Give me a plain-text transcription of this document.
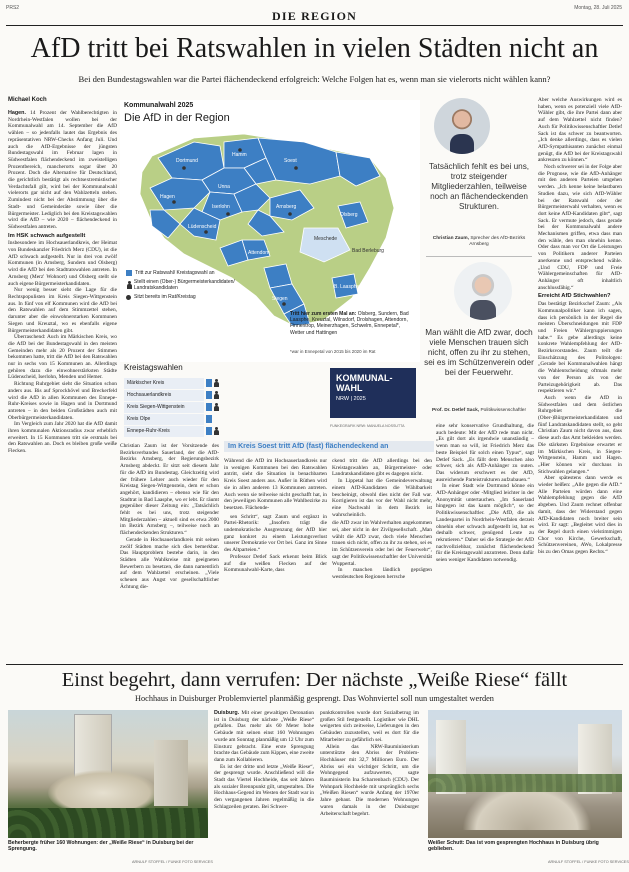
PRS2
DIE REGION
Montag, 28. Juli 2025
AfD tritt bei Ratswahlen in vielen Städten nicht an
Bei den Bundestagswahlen war die Partei flächendeckend erfolgreich: Welche Folgen hat es, wenn man sie vielerorts nicht wählen kann?
Michael Koch
Hagen. 14 Prozent der Wahlberechtigten in Nordrhein-Westfalen wollen bei der Kommunalwahl am 14. September die AfD wählen – so jedenfalls lautet das Ergebnis des repräsentativen NRW-Checks Anfang Juli. Und auch die AfD-Ergebnisse der jüngsten Bundestagswahl im Februar lagen in Südwestfalen flächendeckend im zweistelligen Prozentbereich, mancherorts sogar über 20 Prozent. Doch die Alternative für Deutschland, die gerichtlich bestätigt als rechtsextremistischer Verdachtsfall gilt, wird bei der Kommunalwahl vielerorts gar nicht auf den Wahlzetteln stehen. Zumindest nicht bei der Abstimmung über die Stadt- und Gemeinderäte sowie über die Bürgermeister. Lediglich bei den Kreistagswahlen wird die AfD – wie 2020 – flächendeckend in Südwestfalen antreten.
Im HSK schwach aufgestellt
Insbesondere im Hochsauerlandkreis, der Heimat von Bundeskanzler Friedrich Merz (CDU), ist die AfD schwach aufgestellt. Nur in drei von zwölf Kommunen (in Arnsberg, Sundern und Olsberg) wird die AfD bei den Stadtratswahlen antreten. In Arnsberg (Merz' Wohnort) und Olsberg stellt sie auch eigene Bürgermeisterkandidaten.
Nur wenig besser sieht die Lage für die Rechtspopulisten im Kreis Siegen-Wittgenstein aus. In fünf von elf Kommunen wird die AfD bei den Ratswahlen auf dem Stimmzettel stehen, darunter aber die einwohnerstarken Kommunen Siegen und Kreuztal, wo es ebenfalls eigene Bürgermeisterkandidaten gibt.
Überraschend: Auch im Märkischen Kreis, wo die AfD bei der Bundestagswahl in den meisten Gemeinden mehr als 20 Prozent der Stimmen bekommen hatte, tritt die AfD bei den Ratswahlen nur in sechs von 15 Kommunen an. Allerdings gehören dazu die einwohnerstärksten Städte Lüdenscheid, Iserlohn, Menden und Hemer.
Richtung Ruhrgebiet sieht die Situation schon anders aus. Bis auf Sprockhövel und Breckerfeld wird die AfD in allen Kommunen des Ennepe-Ruhr-Kreises sowie in Hagen und in Dortmund antreten – in den beiden Großstädten auch mit Oberbürgermeisterkandidaten.
Im Vergleich zum Jahr 2020 hat die AfD damit ihren kommunalen Aktionsradius zwar erheblich erweitert. In 15 Kommunen tritt sie erstmals bei den Ratswahlen an. Doch es bleiben große weiße Flecken.
Kommunalwahl 2025
Die AfD in der Region
Dortmund
Hamm
Soest
Unna
Hagen
Iserlohn	Arnsberg
Lüdenscheid
Siegen
Attendorn
Meschede
Olsberg
Bad Berleburg
B. Laasphe
Tritt zur Ratswahl/ Kreistagswahl an
Stellt einen (Ober-) Bürgermeisterkandidaten/ Landratskandidaten
Sitzt bereits im Rat/Kreistag
Tritt hier zum ersten Mal an: Olsberg, Sundern, Bad Laasphe, Kreuztal, Wilnsdorf, Drolshagen, Attendorn, Finnentrop, Meinerzhagen, Schwelm, Ennepetal*, Wetter und Hattingen
*war in Ennepetal von 2015 bis 2020 im Rat
Kreistagswahlen
Märkischer Kreis
Hochsauerlandkreis
Kreis Siegen-Wittgenstein
Kreis Olpe
Ennepe-Ruhr-Kreis
KOMMUNAL-
WAHL
NRW | 2025
FUNKEGRAFIK NRW: MANUELA NOSSUTTA
Tatsächlich fehlt es bei uns, trotz steigender Mitgliederzahlen, teilweise noch an flächendeckenden Strukturen.
Christian Zaum, Sprecher des AfD-Bezirks Arnsberg
Man wählt die AfD zwar, doch viele Menschen trauen sich nicht, offen zu ihr zu stehen, sei es im Schützenverein oder bei der Feuerwehr.
Prof. Dr. Detlef Sack, Politikwissenschaftler
Aber welche Auswirkungen wird es haben, wenn es potenziell viele AfD-Wähler gibt, die ihre Partei dann aber auf dem Wahlzettel nicht finden? Auch für Politikwissenschaftler Detlef Sack ist das schwer zu beantworten. „Ich denke allerdings, dass es vielen AfD-Sympathisanten zunächst einmal genügt, die AfD bei der Kreistagswahl ankreuzen zu können.“
Noch schwerer sei in der Folge aber die Prognose, wie die AfD-Anhänger mit den anderen Parteien umgehen werden. „Ich kenne keine belastbaren Studien dazu, wie sich AfD-Wähler bei der Ratswahl oder der Bürgermeisterwahl verhalten, wenn es dort keine AfD-Kandidaten gibt“, sagt Sack. Er vermute jedoch, dass gerade bei der Kommunalwahl andere Mechanismen griffen, etwa dass man den wähle, den man ohnehin kenne. Oder dass man vor Ort die Leistungen von Politikern anderer Parteien anerkenne und entsprechend wähle. „Und CDU, FDP und Freie Wählergemeinschaften für AfD-Anhänger oft inhaltlich anschlussfähig.“
Erreicht AfD Stichwahlen?
Das bestätigt Bezirkschef Zaum: „Als Kommunalpolitiker kann ich sagen, dass ich persönlich in der Regel die meisten Überschneidungen mit FDP und Freien Wählergruppierungen habe.“ Es gebe allerdings keine konkrete Wahlempfehlung der AfD-Bezirksvorstandes. Zaum teilt die Einschätzung des Politologen: „Gerade bei Kommunalwahlen hängt die Wahlentscheidung oftmals mehr von der Person als von der Parteizugehörigkeit ab. Das respektieren wir.“
Auch wenn die AfD in Südwestfalen und dem östlichen Ruhrgebiet die (Ober-)Bürgermeisterkandidaten und fünf Landratskandidaten stellt, so geht Christian Zaum nicht davon aus, dass diese auch das Amt bekleiden werden. Die stärksten Ergebnisse erwartet er im Märkischen Kreis, in Siegen-Wittgenstein, Hamm und Hagen. „Hier können wir durchaus in Stichwahlen gelangen.“
Aber spätestens dann werde es wieder heißen: „Alle gegen die AfD.“ Alle Parteien würden dann eine Wahlempfehlung gegen die AfD abgeben. Und Zaum rechnet offenbar damit, dass der Widerstand gegen AfD-Kandidaten noch breiter sein wird. Er sagt: „Begleitet wird dies in der Regel durch einen vielstimmigen Chor von Kirche, Gewerkschaft, Schützenvereinen, AWo, Lokalpresse bis zu den Omas gegen Rechts.“
Christian Zaum ist der Vorsitzende des Bezirksverbandes Sauerland, der die AfD-Bezirks Arnsberg, der Regierungsbezirk Arnsberg abdeckt. Er sitzt seit diesem Jahr für die AfD im Bundestag. Gleichzeitig wird der frühere Lehrer auch wieder für den Kreistag Siegen-Wittgenstein, dem er schon angehört, kandidieren – ebenso wie für den Stadtrat in Bad Laasphe, wo er lebt. Er räumt gegenüber dieser Zeitung ein: „Tatsächlich fehlt es bei uns, trotz steigender Mitgliederzahlen – aktuell sind es etwa 2000 im Bezirk Arnsberg –, teilweise noch an flächendeckenden Strukturen.“
Gerade in Hochsauerlandkreis mit seinen zwölf Städten mache sich dies bemerkbar. Das Hauptproblem bestehe darin, in den Städten alle Wahlkreise mit geeigneten Bewerbern zu besetzen, die dann namentlich auf dem Wahlzettel erscheinen. „Viele scheuen aus Angst vor gesellschaftlicher Ächtung die-
Im Kreis Soest tritt AfD (fast) flächendeckend an
Während die AfD im Hochsauerlandkreis nur in wenigen Kommunen bei den Ratswahlen antritt, sieht die Situation in benachbarten Kreis Soest anders aus. Außer in Rüthen wird sie in allen anderen 13 Kommunen antreten. Auch wenn sie teilweise nicht geschafft hat, in den jeweiligen Kommunen alle Wahlbezirke zu besetzen. Flächende-
sen Schritt“, sagt Zaum und ergänzt in Partei-Rhetorik: „Insofern trägt die undemokratische Ausgrenzung der AfD hier ganz konkret zu einem Leistungsverlust unserer Demokratie vor Ort bei. Ganz im Sinne des Altparteien.“
Professor Detlef Sack erkennt beim Blick auf die weißen Flecken auf der Kommunalwahl-Karte, dass
ckend tritt die AfD allerdings bei den Kreistagswahlen an, Bürgermeister- oder Landratskandidaten gibt es dagegen nicht.
In Lippetal hat die Gemeindeverwaltung einem AfD-Kandidaten die Wählbarkeit bescheinigt, obwohl dies nicht der Fall war. Korrigieren ist das vor der Wahl nicht mehr, eine Nachwahl in dem Bezirk ist wahrscheinlich.
die AfD zwar im Wahlverhalten angekommen sei, aber nicht in der Zivilgesellschaft. „Man wählt die AfD zwar, doch viele Menschen trauen sich nicht, offen zu ihr zu stehen, sei es im Schützenverein oder bei der Feuerwehr“, sagt der Politikwissenschaftler der Universität Wuppertal.
In manchen ländlich geprägten westdeutschen Regionen herrsche
eine sehr konservative Grundhaltung, die auch bedeute: Mit der AfD rede man nicht. „Es gilt dort als irgendwie unanständig – wenn man so will, ist Friedrich Merz das beste Beispiel für solch einen Typus“, sagt Detlef Sack. „Es fällt dem Menschen also schwer, sich als AfD-Anhänger zu outen. Das widerum erschwert es der AfD, ausreichende Parteistrukturen aufzubauen.“
In einer Stadt wie Dortmund könne ein AfD-Anhänger oder -Mitglied leichter in der Anonymität untertauchen. „Im Sauerland hingegen ist das kaum möglich“, so der Politikwissenschaftler. „Die AfD, die als Landespartei in Nordrhein-Westfalen derzeit ohnehin eher schwach aufgestellt ist, hat es deshalb schwer, genügend Leute zu rekrutieren.“ Daher sei die Strategie der AfD nachvollziehbar, zunächst flächendeckend für die Kreistagswahl anzutreten. Denn dafür seien weniger Kandidaten notwendig.
Einst begehrt, dann verrufen: Der nächste „Weiße Riese“ fällt
Hochhaus in Duisburger Problemviertel planmäßig gesprengt. Das Wohnviertel soll nun umgestaltet werden
Beherbergte früher 160 Wohnungen: der „Weiße Riese“ in Duisburg bei der Sprengung.
ARNULF STOFFEL / FUNKE FOTO SERVICES
Duisburg. Mit einer gewaltigen Detonation ist in Duisburg der nächste „Weiße Riese“ gefallen. Das mehr als 60 Meter hohe Gebäude mit seinen einst 160 Wohnungen wurde am Sonntag planmäßig um 12 Uhr zum Einsturz gebracht. Eine erste Sprengung brachte das Gebäude zum Kippen, eine zweite dann zum Kollabieren.
Es ist der dritte und letzte „Weiße Riese“, der gesprengt wurde. Anschließend will die Stadt das Viertel Hochheide, das seit Jahren als sozialer Brennpunkt gilt, umgestalten. Die Hochhaus-Gegend im Westen der Stadt war in den vergangenen Jahren regelmäßig in die Schlagzeilen geraten. Bei Schwer-
punktkontrollen wurde dort Sozialbetrug im großen Stil festgestellt. Logistiker wie DHL weigerten sich zeitweise, Lieferungen in den Gebäuden zuzustellen, weil es dort für die Mitarbeiter zu gefährlich sei.
Allein das NRW-Bauministerium unterstützte den Abriss der Problem-Hochhäuser mit 32,7 Millionen Euro. Der Abriss sei ein wichtiger Schritt, um die Wohngegend aufzuwerten, sagte Bauministerin Ina Scharrenbach (CDU). Der Wohnpark Hochheide mit ursprünglich sechs „Weißen Riesen“ wurde Anfang der 1970er Jahre gebaut. Die modernen Wohnungen waren damals in der Duisburger Arbeiterschaft begehrt.
Weißer Schutt: Das ist vom gesprengten Hochhaus in Duisburg übrig geblieben.
ARNULF STOFFEL / FUNKE FOTO SERVICES
